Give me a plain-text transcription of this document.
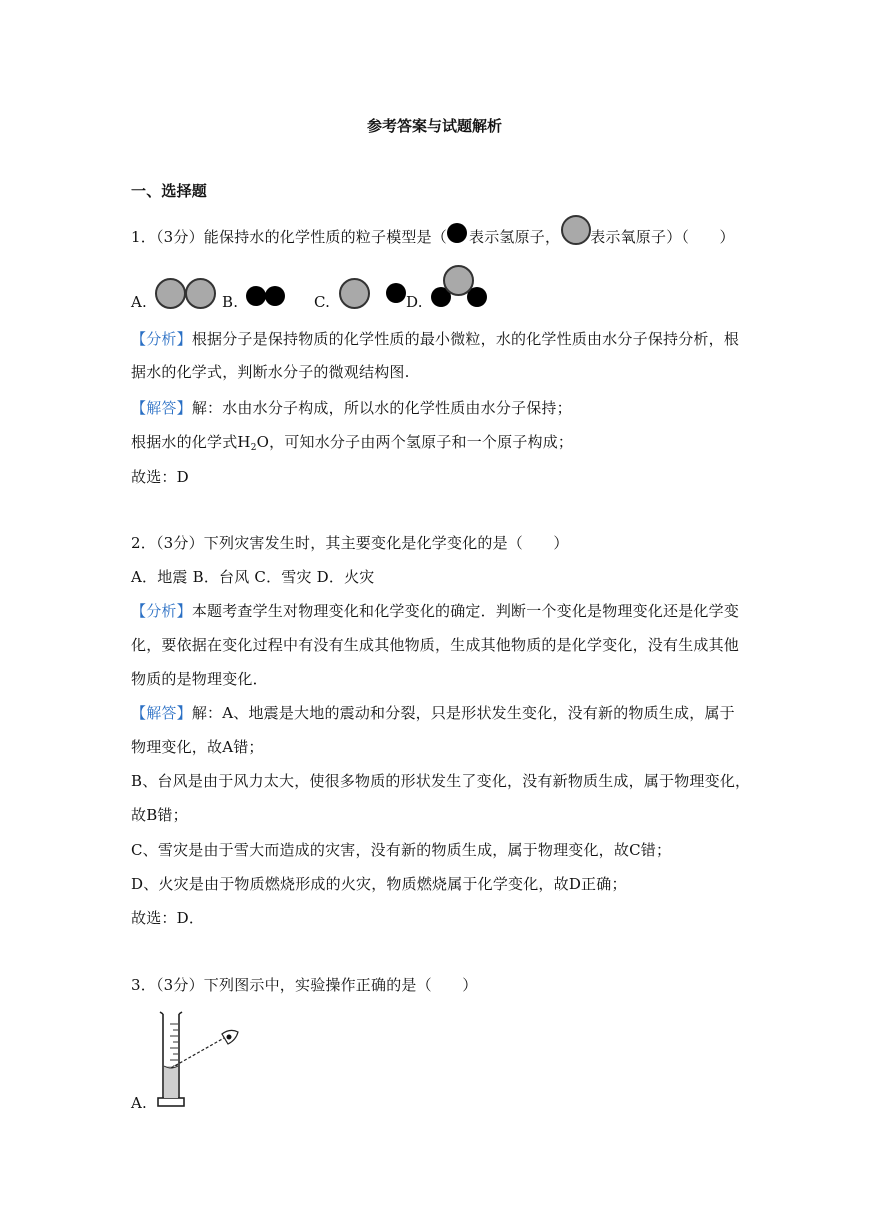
参考答案与试题解析
一、选择题
1．（3分）能保持水的化学性质的粒子模型是（ 表示氢原子， 表示氧原子）（　　）
A.	B.	C.	D.
【分析】根据分子是保持物质的化学性质的最小微粒，水的化学性质由水分子保持分析，根
据水的化学式，判断水分子的微观结构图.
【解答】解：水由水分子构成，所以水的化学性质由水分子保持；
根据水的化学式$H_2O$，可知水分子由两个氢原子和一个原子构成；
故选：D
2．（3分）下列灾害发生时，其主要变化是化学变化的是（　　）
A．地震 B．台风 C．雪灾 D．火灾
【分析】本题考查学生对物理变化和化学变化的确定．判断一个变化是物理变化还是化学变
化，要依据在变化过程中有没有生成其他物质，生成其他物质的是化学变化，没有生成其他
物质的是物理变化．
【解答】解：A、地震是大地的震动和分裂，只是形状发生变化，没有新的物质生成，属于
物理变化，故A错；
B、台风是由于风力太大，使很多物质的形状发生了变化，没有新物质生成，属于物理变化，
故B错；
C、雪灾是由于雪大而造成的灾害，没有新的物质生成，属于物理变化，故C错；
D、火灾是由于物质燃烧形成的火灾，物质燃烧属于化学变化，故D正确；
故选：D．
3．（3分）下列图示中，实验操作正确的是（　　）
A.
